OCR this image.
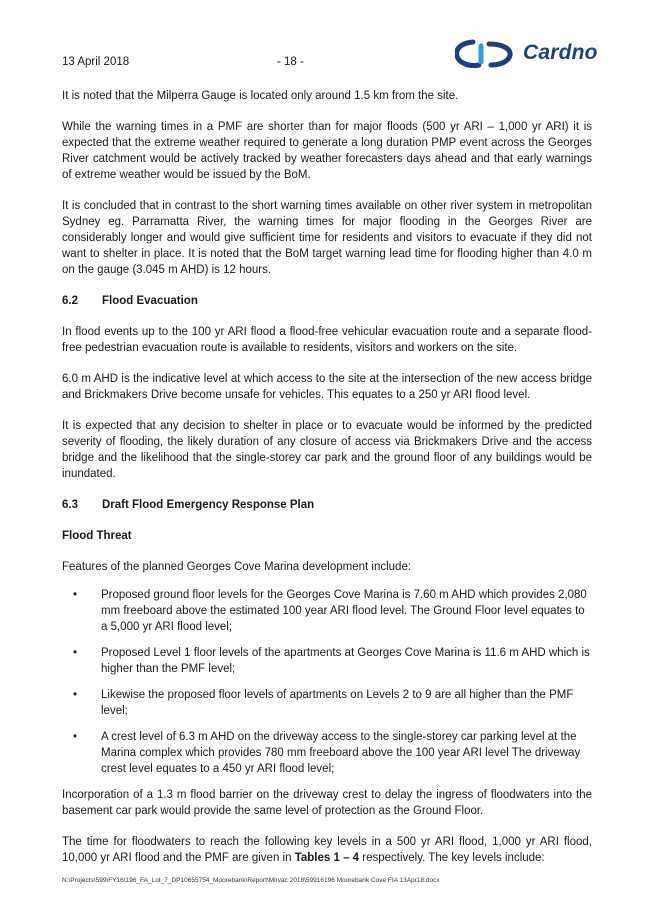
13 April 2018	- 18 -	Cardno

It is noted that the Milperra Gauge is located only around 1.5 km from the site.

While the warning times in a PMF are shorter than for major floods (500 yr ARI – 1,000 yr ARI) it is expected that the extreme weather required to generate a long duration PMP event across the Georges River catchment would be actively tracked by weather forecasters days ahead and that early warnings of extreme weather would be issued by the BoM.

It is concluded that in contrast to the short warning times available on other river system in metropolitan Sydney eg. Parramatta River, the warning times for major flooding in the Georges River are considerably longer and would give sufficient time for residents and visitors to evacuate if they did not want to shelter in place. It is noted that the BoM target warning lead time for flooding higher than 4.0 m on the gauge (3.045 m AHD) is 12 hours.

6.2	Flood Evacuation

In flood events up to the 100 yr ARI flood a flood-free vehicular evacuation route and a separate flood-free pedestrian evacuation route is available to residents, visitors and workers on the site.

6.0 m AHD is the indicative level at which access to the site at the intersection of the new access bridge and Brickmakers Drive become unsafe for vehicles. This equates to a 250 yr ARI flood level.

It is expected that any decision to shelter in place or to evacuate would be informed by the predicted severity of flooding, the likely duration of any closure of access via Brickmakers Drive and the access bridge and the likelihood that the single-storey car park and the ground floor of any buildings would be inundated.

6.3	Draft Flood Emergency Response Plan
Flood Threat

Features of the planned Georges Cove Marina development include:

• Proposed ground floor levels for the Georges Cove Marina is 7.60 m AHD which provides 2,080 mm freeboard above the estimated 100 year ARI flood level. The Ground Floor level equates to a 5,000 yr ARI flood level;
• Proposed Level 1 floor levels of the apartments at Georges Cove Marina is 11.6 m AHD which is higher than the PMF level;
• Likewise the proposed floor levels of apartments on Levels 2 to 9 are all higher than the PMF level;
• A crest level of 6.3 m AHD on the driveway access to the single-storey car parking level at the Marina complex which provides 780 mm freeboard above the 100 year ARI level The driveway crest level equates to a 450 yr ARI flood level;

Incorporation of a 1.3 m flood barrier on the driveway crest to delay the ingress of floodwaters into the basement car park would provide the same level of protection as the Ground Floor.

The time for floodwaters to reach the following key levels in a 500 yr ARI flood, 1,000 yr ARI flood, 10,000 yr ARI flood and the PMF are given in Tables 1 – 4 respectively. The key levels include:

N:\Projects\599\FY16\196_FA_Lot_7_DP10655754_Moorebank\Report\Mirvac 2018\59916196 Moorebank Cove FIA 13Apr18.docx
